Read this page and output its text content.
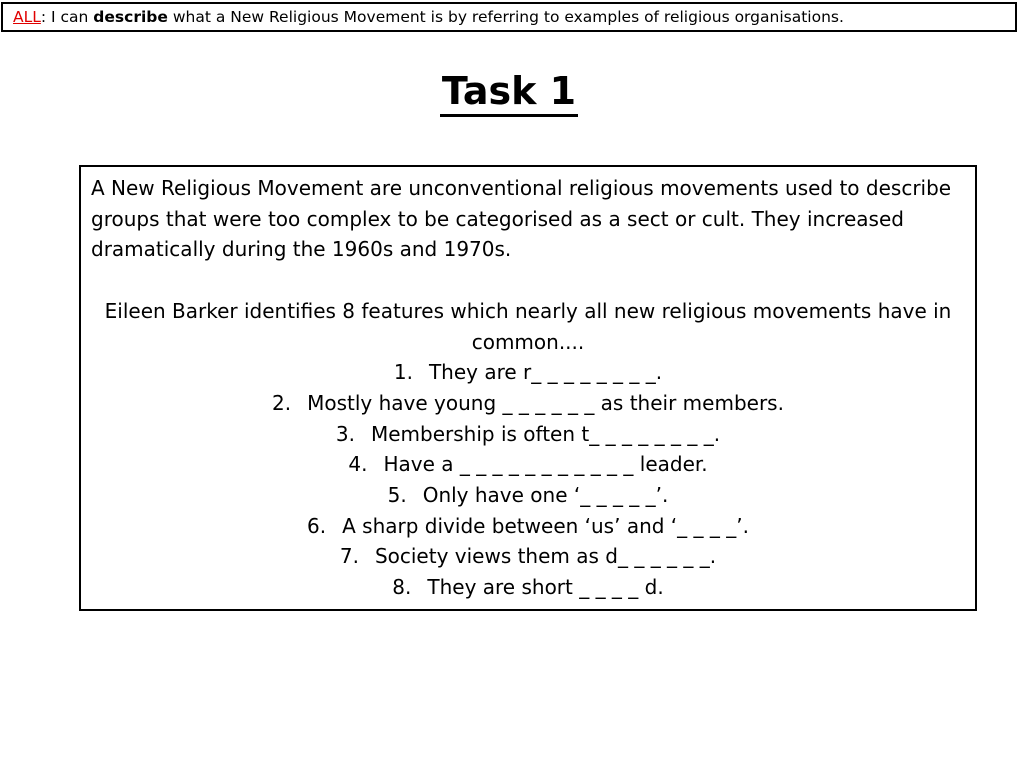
ALL: I can describe what a New Religious Movement is by referring to examples of religious organisations.
Task 1

A New Religious Movement are unconventional religious movements used to describe groups that were too complex to be categorised as a sect or cult. They increased dramatically during the 1960s and 1970s.

Eileen Barker identifies 8 features which nearly all new religious movements have in common....

1. They are r_ _ _ _ _ _ _ _.
2. Mostly have young _ _ _ _ _ _ as their members.
3. Membership is often t_ _ _ _ _ _ _ _.
4. Have a _ _ _ _ _ _ _ _ _ _ _ leader.
5. Only have one ‘_ _ _ _ _’.
6. A sharp divide between ‘us’ and ‘_ _ _ _’.
7. Society views them as d_ _ _ _ _ _.
8. They are short _ _ _ _ d.
